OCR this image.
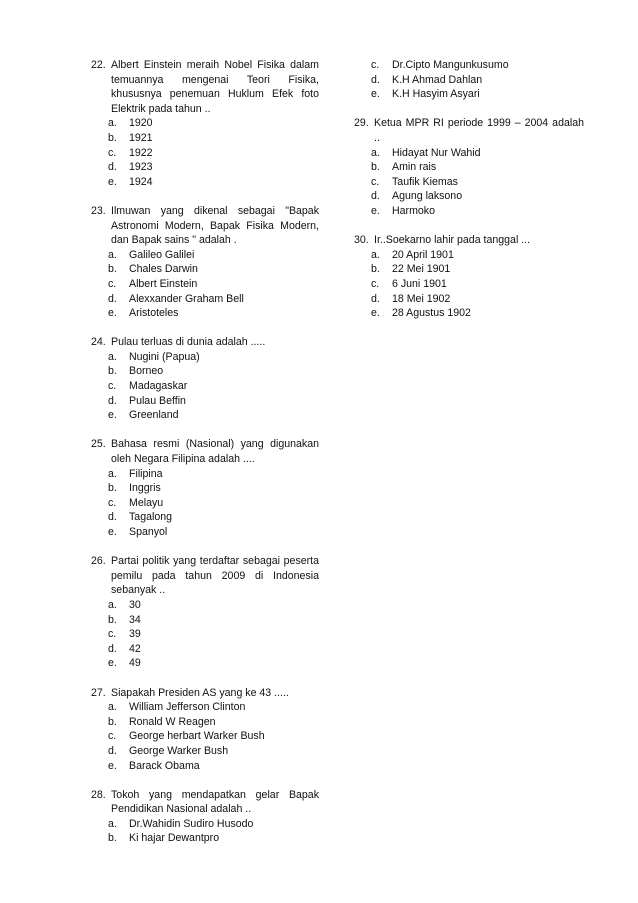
22. Albert Einstein meraih Nobel Fisika dalam temuannya mengenai Teori Fisika, khususnya penemuan Huklum Efek foto Elektrik pada tahun ..
a.	1920
b.	1921
c.	1922
d.	1923
e.	1924
23. Ilmuwan yang dikenal sebagai "Bapak Astronomi Modern, Bapak Fisika Modern, dan Bapak sains " adalah .
a.	Galileo Galilei
b.	Chales Darwin
c.	Albert Einstein
d.	Alexxander Graham Bell
e.	Aristoteles
24. Pulau terluas di dunia adalah .....
a.	Nugini (Papua)
b.	Borneo
c.	Madagaskar
d.	Pulau Beffin
e.	Greenland
25. Bahasa resmi (Nasional) yang digunakan oleh Negara Filipina adalah ....
a.	Filipina
b.	Inggris
c.	Melayu
d.	Tagalong
e.	Spanyol
26. Partai politik yang terdaftar sebagai peserta pemilu pada tahun 2009 di Indonesia sebanyak ..
a.	30
b.	34
c.	39
d.	42
e.	49
27. Siapakah Presiden AS yang ke 43 .....
a.	William Jefferson Clinton
b.	Ronald W Reagen
c.	George herbart Warker Bush
d.	George Warker Bush
e.	Barack Obama
28. Tokoh yang mendapatkan gelar Bapak Pendidikan Nasional adalah ..
a.	Dr.Wahidin Sudiro Husodo
b.	Ki hajar Dewantpro
c.	Dr.Cipto Mangunkusumo
d.	K.H Ahmad Dahlan
e.	K.H Hasyim Asyari
29. Ketua MPR RI periode 1999 – 2004 adalah ..
a.	Hidayat Nur Wahid
b.	Amin rais
c.	Taufik Kiemas
d.	Agung laksono
e.	Harmoko
30. Ir..Soekarno lahir pada tanggal ...
a.	20 April 1901
b.	22 Mei 1901
c.	6 Juni 1901
d.	18 Mei 1902
e.	28 Agustus 1902
